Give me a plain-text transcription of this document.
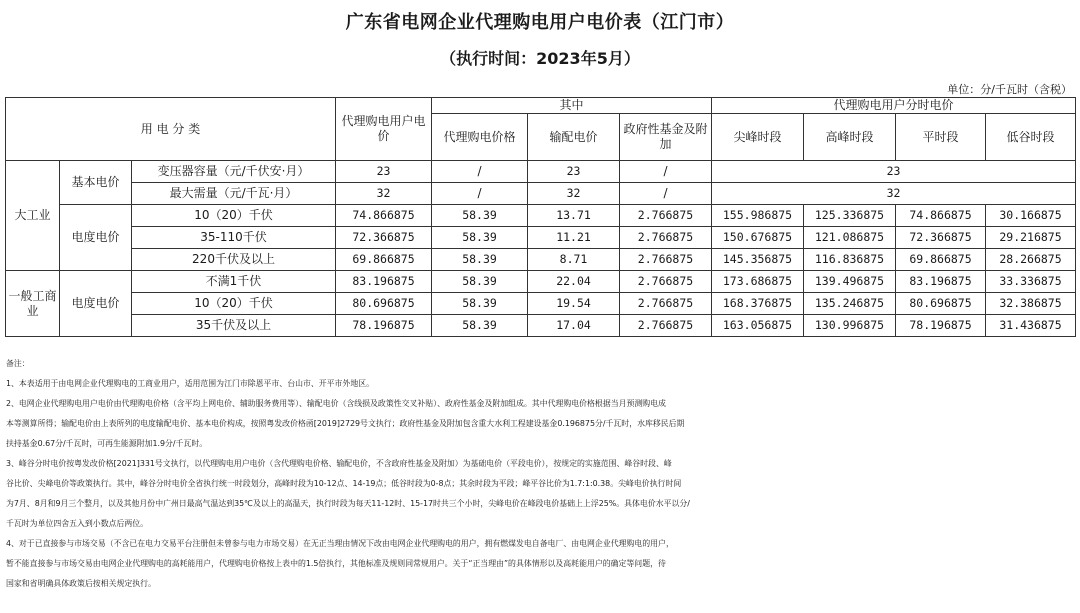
广东省电网企业代理购电用户电价表（江门市）
（执行时间：2023年5月）
单位：分/千瓦时（含税）
用 电 分 类			代理购电用户电价	其中			代理购电用户分时电价			
				代理购电价格	输配电价	政府性基金及附加	尖峰时段	高峰时段	平时段	低谷时段
大工业	基本电价	变压器容量（元/千伏安·月）	23	/	23	/	23			
		最大需量（元/千瓦·月）	32	/	32	/	32			
	电度电价	10（20）千伏	74.866875	58.39	13.71	2.766875	155.986875	125.336875	74.866875	30.166875
		35-110千伏	72.366875	58.39	11.21	2.766875	150.676875	121.086875	72.366875	29.216875
		220千伏及以上	69.866875	58.39	8.71	2.766875	145.356875	116.836875	69.866875	28.266875
一般工商业	电度电价	不满1千伏	83.196875	58.39	22.04	2.766875	173.686875	139.496875	83.196875	33.336875
		10（20）千伏	80.696875	58.39	19.54	2.766875	168.376875	135.246875	80.696875	32.386875
		35千伏及以上	78.196875	58.39	17.04	2.766875	163.056875	130.996875	78.196875	31.436875

备注：

1、本表适用于由电网企业代理购电的工商业用户，适用范围为江门市除恩平市、台山市、开平市外地区。

2、电网企业代理购电用户电价由代理购电价格（含平均上网电价、辅助服务费用等）、输配电价（含线损及政策性交叉补贴）、政府性基金及附加组成。其中代理购电价格根据当月预测购电成

本等测算所得；输配电价由上表所列的电度输配电价、基本电价构成，按照粤发改价格函[2019]2729号文执行；政府性基金及附加包含重大水利工程建设基金0.196875分/千瓦时，水库移民后期

扶持基金0.67分/千瓦时，可再生能源附加1.9分/千瓦时。

3、峰谷分时电价按粤发改价格[2021]331号文执行，以代理购电用户电价（含代理购电价格、输配电价，不含政府性基金及附加）为基础电价（平段电价），按规定的实施范围、峰谷时段、峰

谷比价、尖峰电价等政策执行。其中，峰谷分时电价全省执行统一时段划分，高峰时段为10-12点、14-19点；低谷时段为0-8点；其余时段为平段；峰平谷比价为1.7:1:0.38。尖峰电价执行时间

为7月、8月和9月三个整月，以及其他月份中广州日最高气温达到35℃及以上的高温天，执行时段为每天11-12时、15-17时共三个小时，尖峰电价在峰段电价基础上上浮25%。具体电价水平以分/

千瓦时为单位四舍五入到小数点后两位。

4、对于已直接参与市场交易（不含已在电力交易平台注册但未曾参与电力市场交易）在无正当理由情况下改由电网企业代理购电的用户，拥有燃煤发电自备电厂、由电网企业代理购电的用户，

暂不能直接参与市场交易由电网企业代理购电的高耗能用户，代理购电价格按上表中的1.5倍执行，其他标准及规则同常规用户。关于“正当理由”的具体情形以及高耗能用户的确定等问题，待

国家和省明确具体政策后按相关规定执行。
